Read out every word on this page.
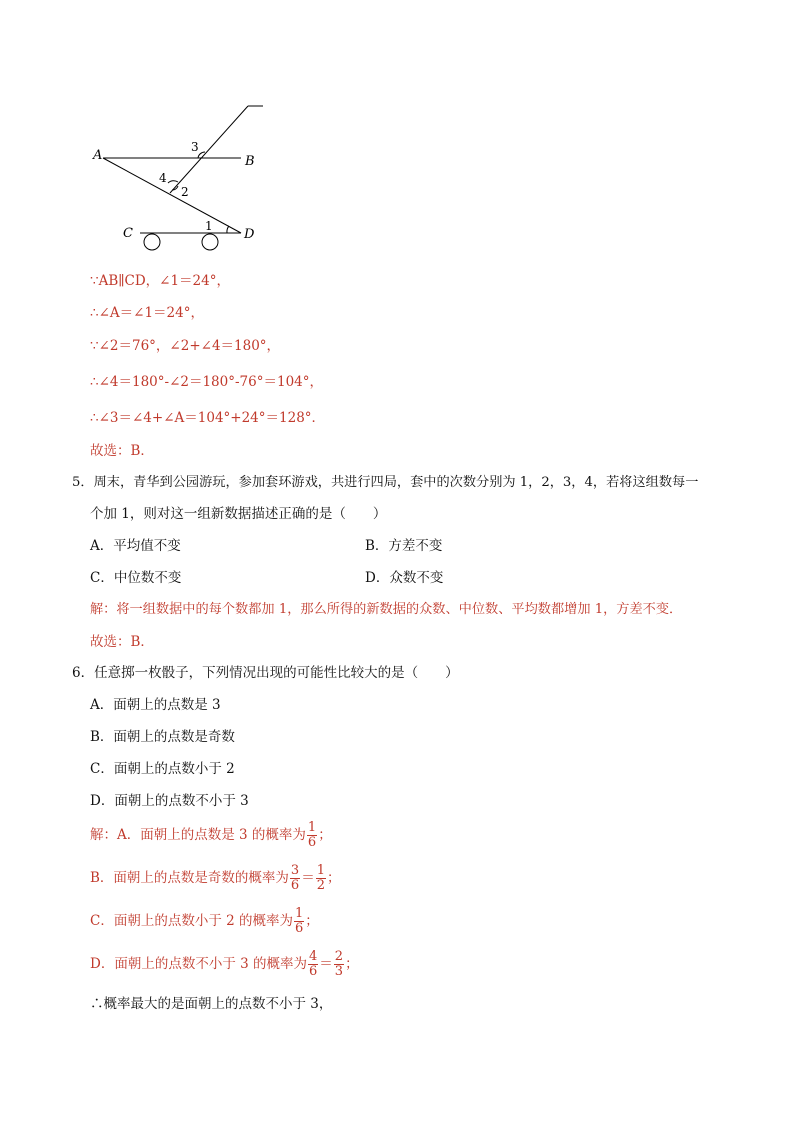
A	B
C	D
3
4
2
1
∵AB∥CD，∠1＝24°，
∴∠A＝∠1＝24°，
∵∠2＝76°，∠2+∠4＝180°，
∴∠4＝180°-∠2＝180°-76°＝104°，
∴∠3＝∠4+∠A＝104°+24°＝128°．
故选：B．
5．周末，青华到公园游玩，参加套环游戏，共进行四局，套中的次数分别为 1，2，3，4，若将这组数每一
个加 1，则对这一组新数据描述正确的是（　　）
A．平均值不变	B．方差不变
C．中位数不变	D．众数不变
解：将一组数据中的每个数都加 1，那么所得的新数据的众数、中位数、平均数都增加 1，方差不变．
故选：B．
6．任意掷一枚骰子，下列情况出现的可能性比较大的是（　　）
A．面朝上的点数是 3
B．面朝上的点数是奇数
C．面朝上的点数小于 2
D．面朝上的点数不小于 3
解：A．面朝上的点数是 3 的概率为 $\frac{1}{6}$ ；
B．面朝上的点数是奇数的概率为 $\frac{3}{6} = \frac{1}{2}$ ；
C．面朝上的点数小于 2 的概率为 $\frac{1}{6}$ ；
D．面朝上的点数不小于 3 的概率为 $\frac{4}{6} = \frac{2}{3}$ ；
∴概率最大的是面朝上的点数不小于 3，
